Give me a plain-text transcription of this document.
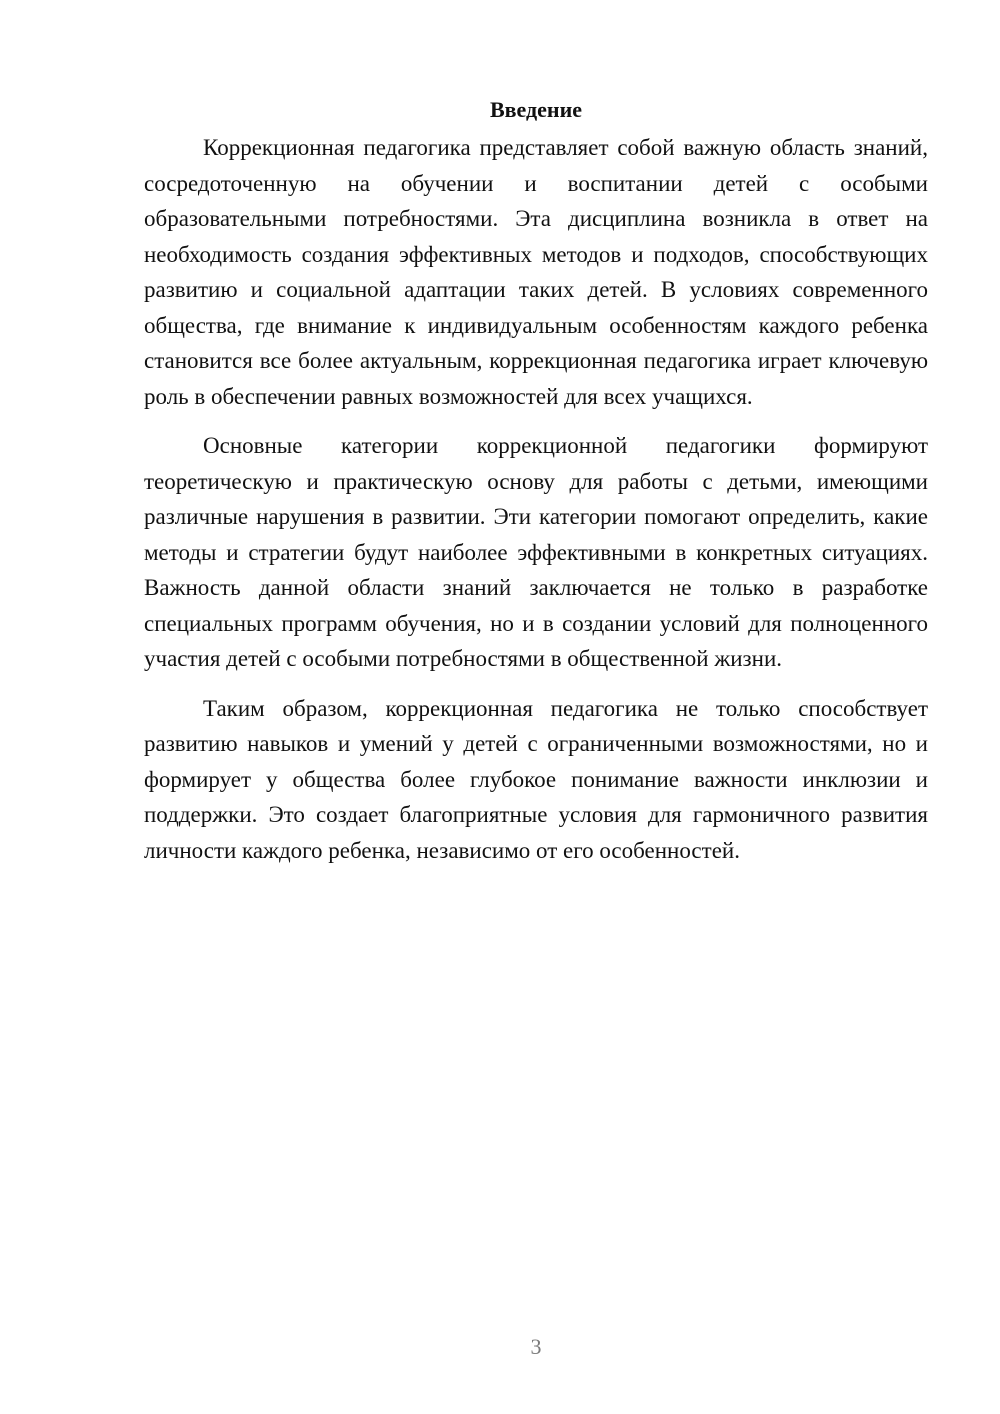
Введение

Коррекционная педагогика представляет собой важную область знаний, сосредоточенную на обучении и воспитании детей с особыми образовательными потребностями. Эта дисциплина возникла в ответ на необходимость создания эффективных методов и подходов, способствующих развитию и социальной адаптации таких детей. В условиях современного общества, где внимание к индивидуальным особенностям каждого ребенка становится все более актуальным, коррекционная педагогика играет ключевую роль в обеспечении равных возможностей для всех учащихся.

Основные категории коррекционной педагогики формируют теоретическую и практическую основу для работы с детьми, имеющими различные нарушения в развитии. Эти категории помогают определить, какие методы и стратегии будут наиболее эффективными в конкретных ситуациях. Важность данной области знаний заключается не только в разработке специальных программ обучения, но и в создании условий для полноценного участия детей с особыми потребностями в общественной жизни.

Таким образом, коррекционная педагогика не только способствует развитию навыков и умений у детей с ограниченными возможностями, но и формирует у общества более глубокое понимание важности инклюзии и поддержки. Это создает благоприятные условия для гармоничного развития личности каждого ребенка, независимо от его особенностей.

3
